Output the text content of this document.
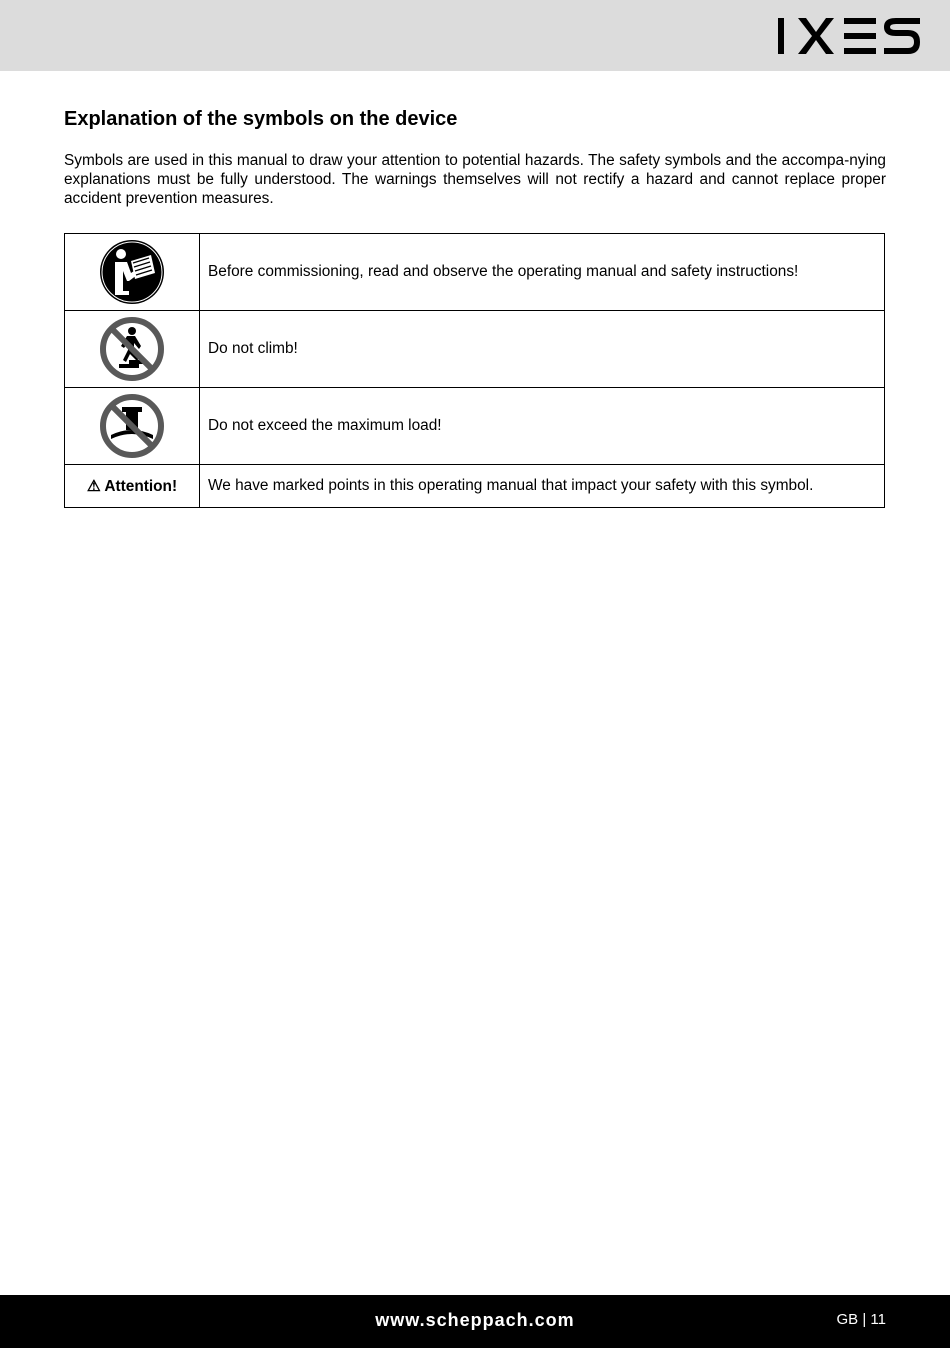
Explanation of the symbols on the device

Symbols are used in this manual to draw your attention to potential hazards. The safety symbols and the accompa-nying explanations must be fully understood. The warnings themselves will not rectify a hazard and cannot replace proper accident prevention measures.

	Before commissioning, read and observe the operating manual and safety instructions!

	Do not climb!

	Do not exceed the maximum load!
⚠ Attention!	We have marked points in this operating manual that impact your safety with this symbol.
www.scheppach.com	GB | 11
